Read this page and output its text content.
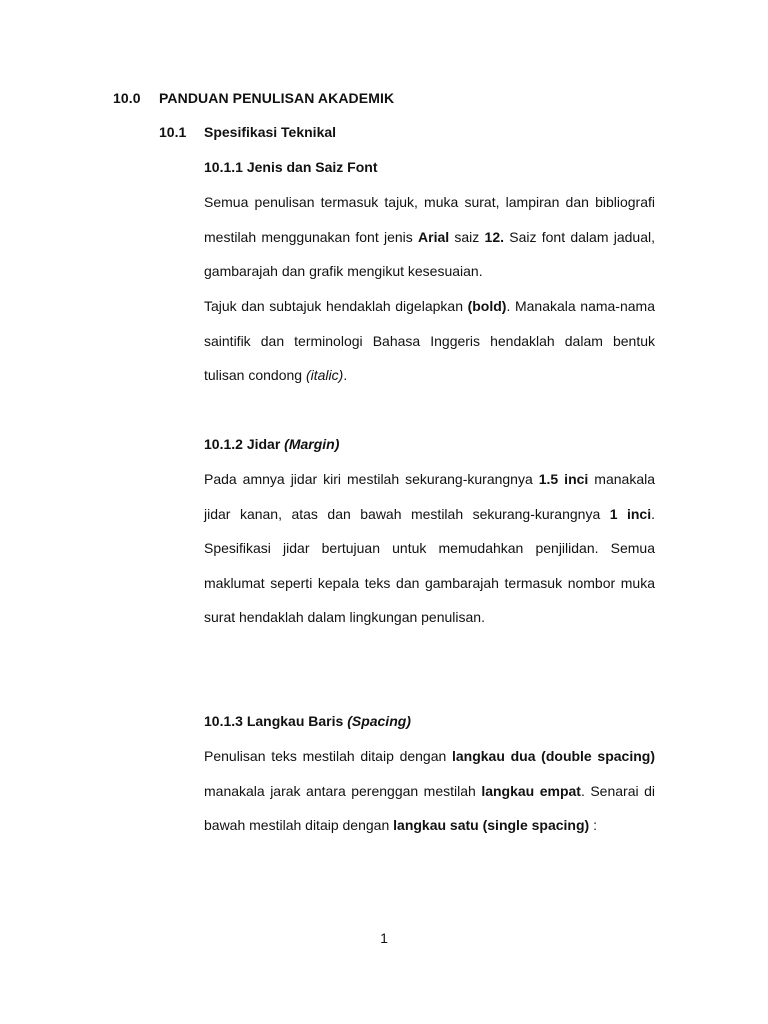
10.0 PANDUAN PENULISAN AKADEMIK
10.1 Spesifikasi Teknikal
10.1.1 Jenis dan Saiz Font

Semua penulisan termasuk tajuk, muka surat, lampiran dan bibliografi mestilah menggunakan font jenis Arial saiz 12. Saiz font dalam jadual, gambarajah dan grafik mengikut kesesuaian.

Tajuk dan subtajuk hendaklah digelapkan (bold). Manakala nama-nama saintifik dan terminologi Bahasa Inggeris hendaklah dalam bentuk tulisan condong (italic).

10.1.2 Jidar (Margin)

Pada amnya jidar kiri mestilah sekurang-kurangnya 1.5 inci manakala jidar kanan, atas dan bawah mestilah sekurang-kurangnya 1 inci. Spesifikasi jidar bertujuan untuk memudahkan penjilidan. Semua maklumat seperti kepala teks dan gambarajah termasuk nombor muka surat hendaklah dalam lingkungan penulisan.

10.1.3 Langkau Baris (Spacing)

Penulisan teks mestilah ditaip dengan langkau dua (double spacing) manakala jarak antara perenggan mestilah langkau empat. Senarai di bawah mestilah ditaip dengan langkau satu (single spacing) :

1
